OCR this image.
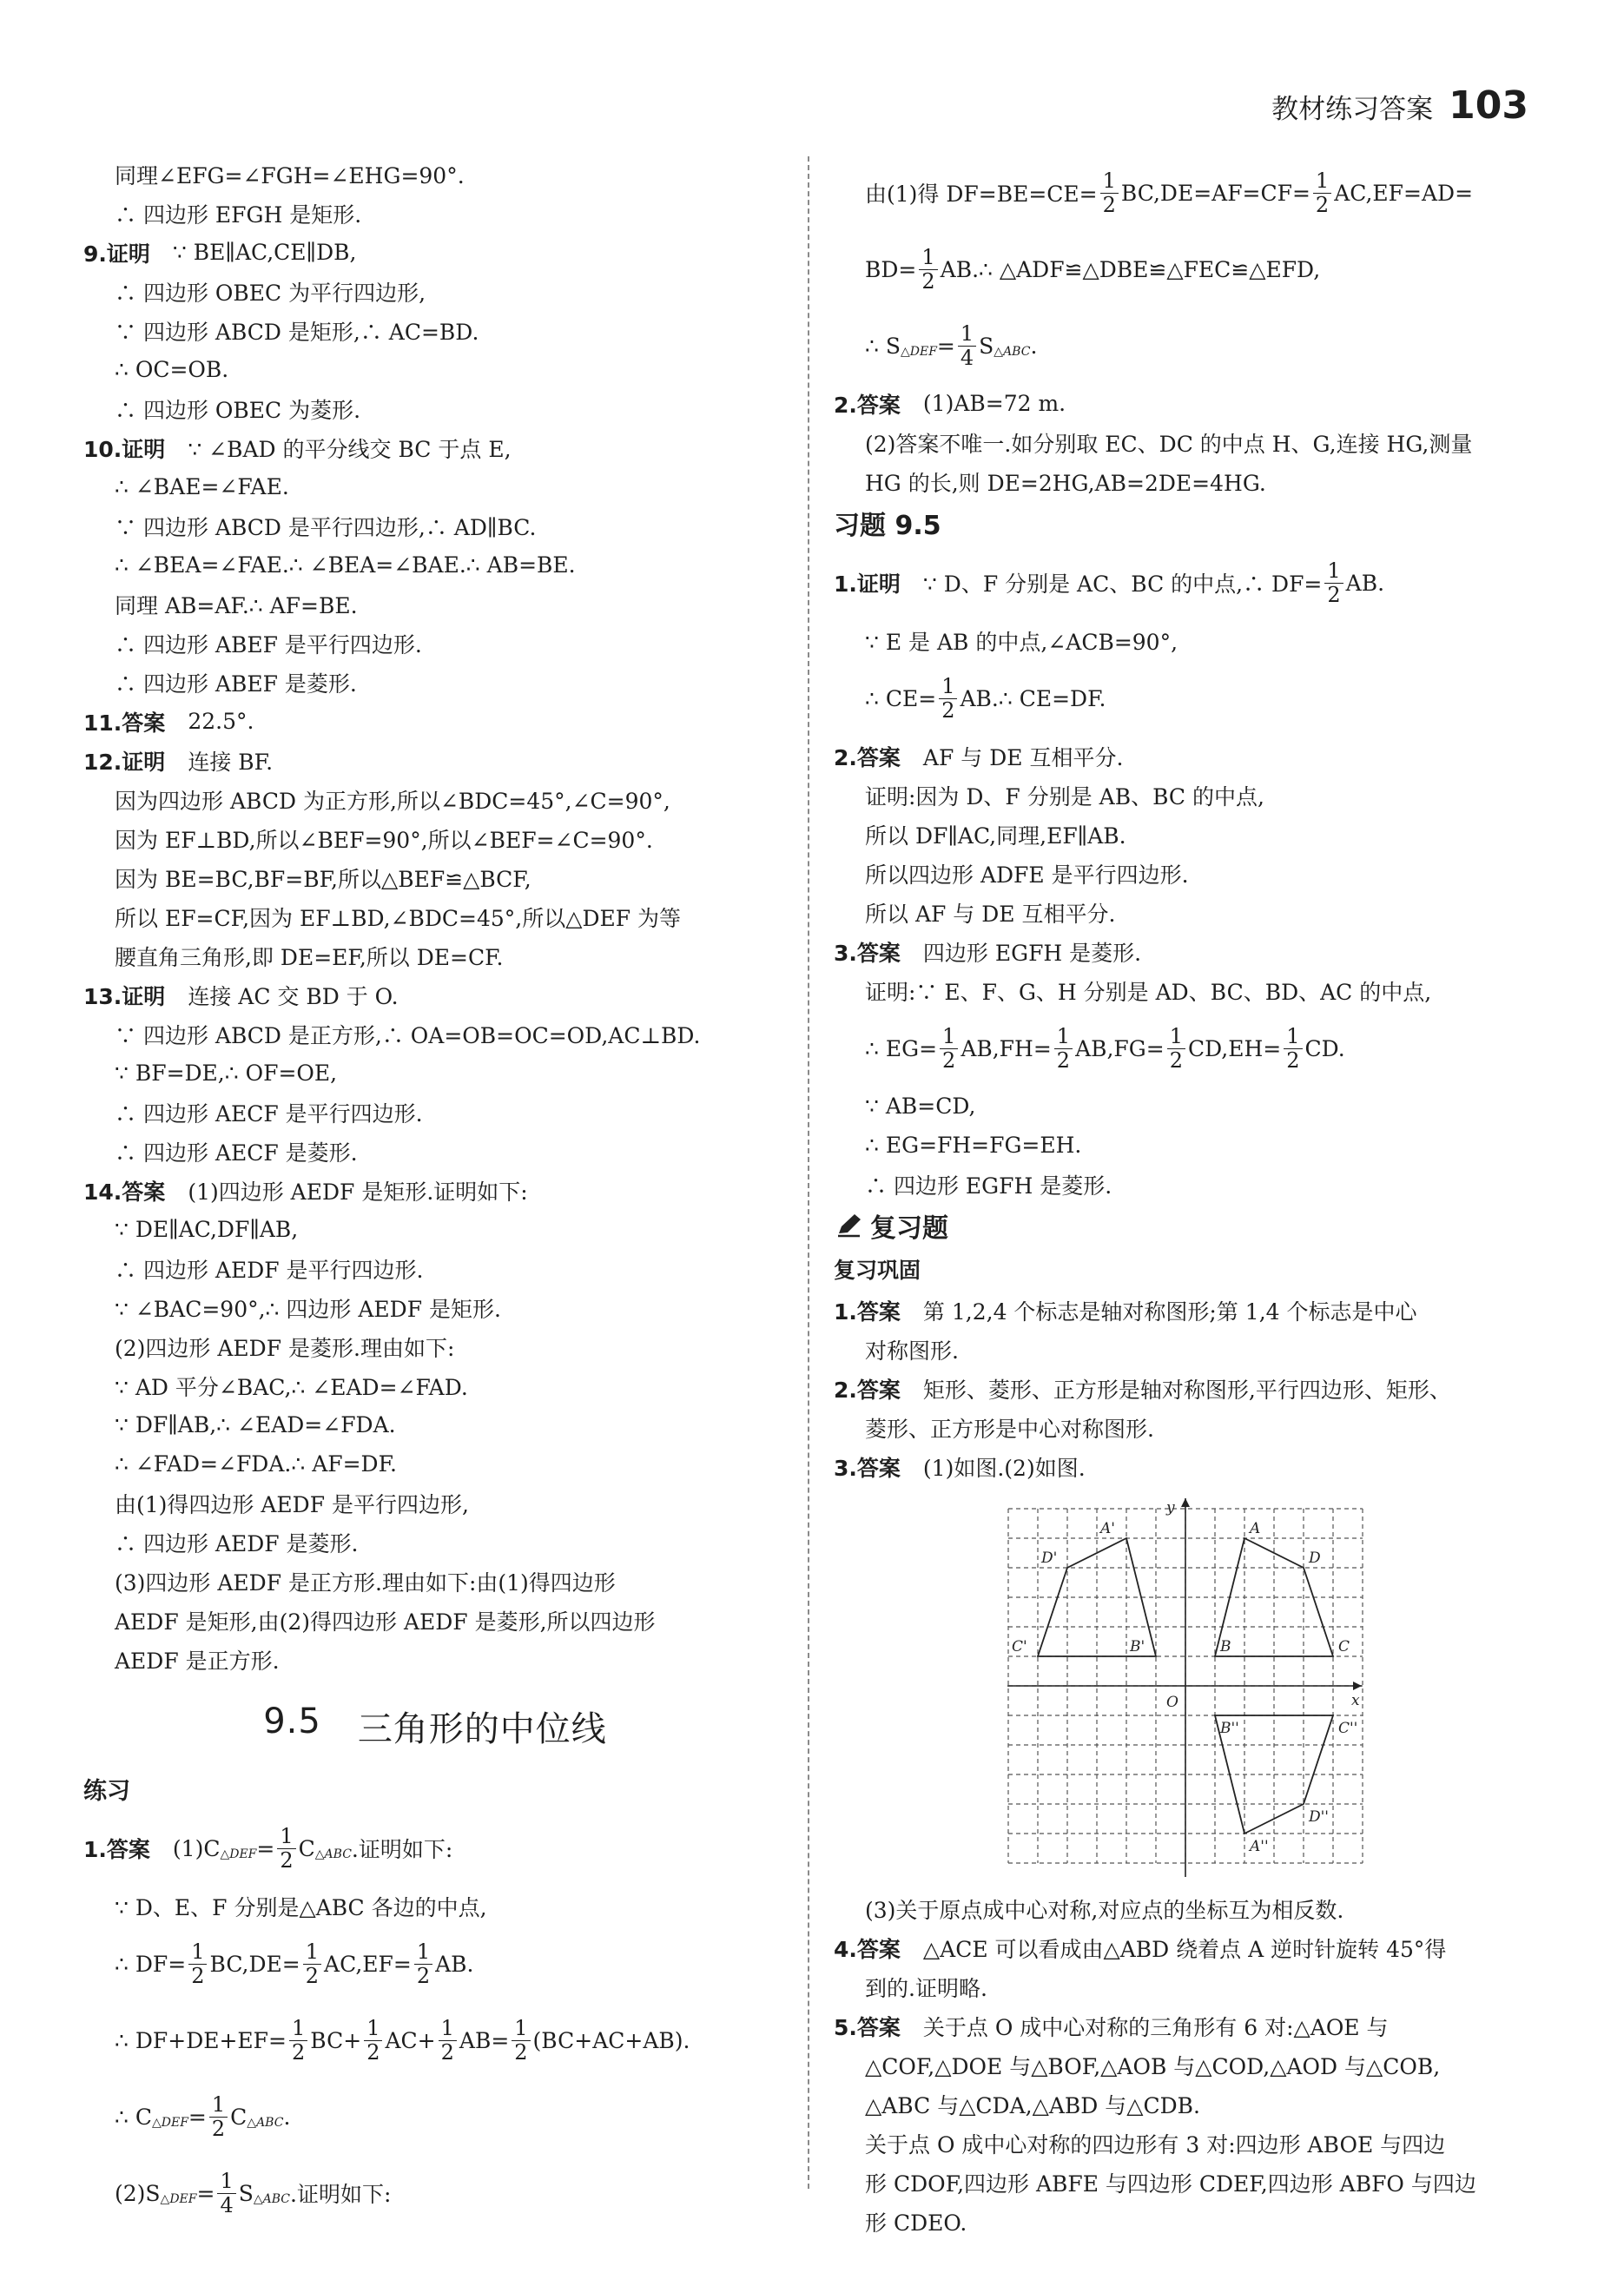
教材练习答案 103
同理∠EFG=∠FGH=∠EHG=90°.
∴ 四边形 EFGH 是矩形.
9.证明 ∵ BE∥AC,CE∥DB,
∴ 四边形 OBEC 为平行四边形,
∵ 四边形 ABCD 是矩形,∴ AC=BD.
∴ OC=OB.
∴ 四边形 OBEC 为菱形.
10.证明 ∵ ∠BAD 的平分线交 BC 于点 E,
∴ ∠BAE=∠FAE.
∵ 四边形 ABCD 是平行四边形,∴ AD∥BC.
∴ ∠BEA=∠FAE.∴ ∠BEA=∠BAE.∴ AB=BE.
同理 AB=AF.∴ AF=BE.
∴ 四边形 ABEF 是平行四边形.
∴ 四边形 ABEF 是菱形.
11.答案 22.5°.
12.证明 连接 BF.
因为四边形 ABCD 为正方形,所以∠BDC=45°,∠C=90°,
因为 EF⊥BD,所以∠BEF=90°,所以∠BEF=∠C=90°.
因为 BE=BC,BF=BF,所以△BEF≌△BCF,
所以 EF=CF,因为 EF⊥BD,∠BDC=45°,所以△DEF 为等
腰直角三角形,即 DE=EF,所以 DE=CF.
13.证明 连接 AC 交 BD 于 O.
∵ 四边形 ABCD 是正方形,∴ OA=OB=OC=OD,AC⊥BD.
∵ BF=DE,∴ OF=OE,
∴ 四边形 AECF 是平行四边形.
∴ 四边形 AECF 是菱形.
14.答案 (1)四边形 AEDF 是矩形.证明如下:
∵ DE∥AC,DF∥AB,
∴ 四边形 AEDF 是平行四边形.
∵ ∠BAC=90°,∴ 四边形 AEDF 是矩形.
(2)四边形 AEDF 是菱形.理由如下:
∵ AD 平分∠BAC,∴ ∠EAD=∠FAD.
∵ DF∥AB,∴ ∠EAD=∠FDA.
∴ ∠FAD=∠FDA.∴ AF=DF.
由(1)得四边形 AEDF 是平行四边形,
∴ 四边形 AEDF 是菱形.
(3)四边形 AEDF 是正方形.理由如下:由(1)得四边形
AEDF 是矩形,由(2)得四边形 AEDF 是菱形,所以四边形
AEDF 是正方形.
9.5 三角形的中位线
练习
1.答案 (1)C △DEF = $\frac{1}{2}$ C △ABC .证明如下:
∵ D、E、F 分别是△ABC 各边的中点,
∴ $DF= \frac{1}{2} BC,DE= \frac{1}{2} AC,EF= \frac{1}{2}$ AB.
∴ $DF+DE+EF= \frac{1}{2} BC+ \frac{1}{2} AC+ \frac{1}{2} AB= \frac{1}{2} (BC+AC+AB)$.
∴ C △DEF = $\frac{1}{2}$ C △ABC .
(2)S △DEF = $\frac{1}{4}$ S △ABC .证明如下:
由(1)得 $DF=BE=CE= \frac{1}{2} BC,DE=AF=CF= \frac{1}{2} AC,EF=AD=$
$BD= \frac{1}{2}$ AB.∴ △ADF≌△DBE≌△FEC≌△EFD,
∴ S △DEF = $\frac{1}{4}$ S △ABC .
2.答案 (1)AB=72 m.
(2)答案不唯一.如分别取 EC、DC 的中点 H、G,连接 HG,测量
HG 的长,则 DE=2HG,AB=2DE=4HG.
习题 9.5
1.证明 ∵ D、F 分别是 AC、BC 的中点,∴ $DF= \frac{1}{2}$ AB.
∵ E 是 AB 的中点,∠ACB=90°,
∴ $CE= \frac{1}{2}$ AB.∴ CE=DF.
2.答案 AF 与 DE 互相平分.
证明:因为 D、F 分别是 AB、BC 的中点,
所以 DF∥AC,同理,EF∥AB.
所以四边形 ADFE 是平行四边形.
所以 AF 与 DE 互相平分.
3.答案 四边形 EGFH 是菱形.
证明:∵ E、F、G、H 分别是 AD、BC、BD、AC 的中点,
∴ $EG= \frac{1}{2} AB,FH= \frac{1}{2} AB,FG= \frac{1}{2} CD,EH= \frac{1}{2}$ CD.
∵ AB=CD,
∴ EG=FH=FG=EH.
∴ 四边形 EGFH 是菱形.
复习题
复习巩固
1.答案 第 1,2,4 个标志是轴对称图形;第 1,4 个标志是中心
对称图形.
2.答案 矩形、菱形、正方形是轴对称图形,平行四边形、矩形、
菱形、正方形是中心对称图形.
3.答案 (1)如图.(2)如图.
x
y
O
A
D
C
B
A'
D'
C'	B'
A''
D''
C''
B''
(3)关于原点成中心对称,对应点的坐标互为相反数.
4.答案 △ACE 可以看成由△ABD 绕着点 A 逆时针旋转 45°得
到的.证明略.
5.答案 关于点 O 成中心对称的三角形有 6 对:△AOE 与
△COF,△DOE 与△BOF,△AOB 与△COD,△AOD 与△COB,
△ABC 与△CDA,△ABD 与△CDB.
关于点 O 成中心对称的四边形有 3 对:四边形 ABOE 与四边
形 CDOF,四边形 ABFE 与四边形 CDEF,四边形 ABFO 与四边
形 CDEO.
